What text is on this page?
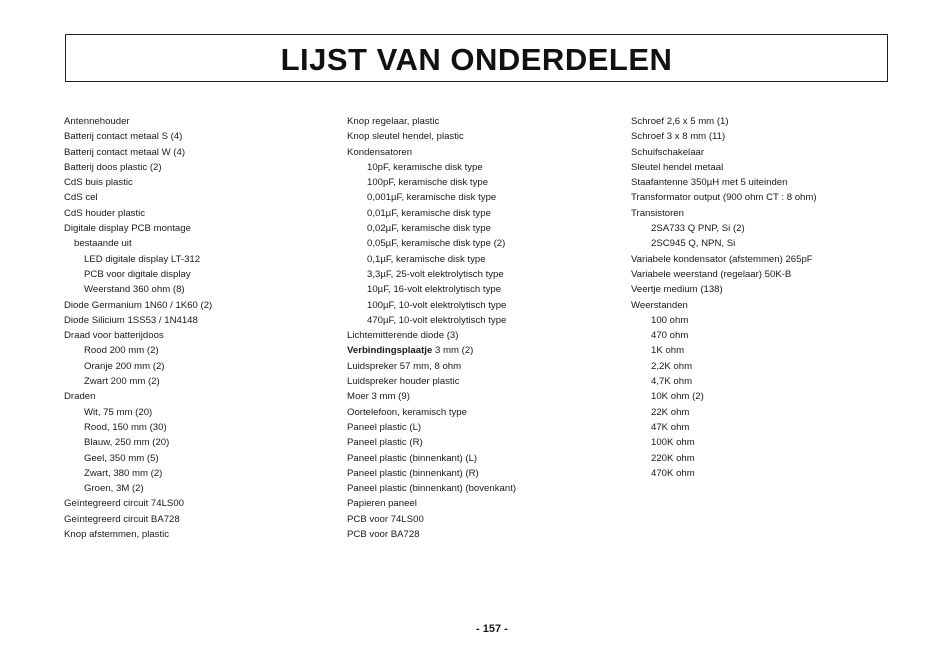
LIJST VAN ONDERDELEN
Antennehouder
Batterij contact metaal S (4)
Batterij contact metaal W (4)
Batterij doos plastic (2)
CdS buis plastic
CdS cel
CdS houder plastic
Digitale display PCB montage
bestaande uit
LED digitale display LT-312
PCB voor digitale display
Weerstand 360 ohm (8)
Diode Germanium 1N60 / 1K60 (2)
Diode Silicium 1SS53 / 1N4148
Draad voor batterijdoos
Rood 200 mm (2)
Oranje 200 mm (2)
Zwart 200 mm (2)
Draden
Wit, 75 mm (20)
Rood, 150 mm (30)
Blauw, 250 mm (20)
Geel, 350 mm (5)
Zwart, 380 mm (2)
Groen, 3M (2)
Geïntegreerd circuit 74LS00
Geïntegreerd circuit BA728
Knop afstemmen, plastic
Knop regelaar, plastic
Knop sleutel hendel, plastic
Kondensatoren
10pF, keramische disk type
100pF, keramische disk type
0,001µF, keramische disk type
0,01µF, keramische disk type
0,02µF, keramische disk type
0,05µF, keramische disk type (2)
0,1µF, keramische disk type
3,3µF, 25-volt elektrolytisch type
10µF, 16-volt elektrolytisch type
100µF, 10-volt elektrolytisch type
470µF, 10-volt elektrolytisch type
Lichtemitterende diode (3)
Verbindingsplaatje 3 mm (2)
Luidspreker 57 mm, 8 ohm
Luidspreker houder plastic
Moer 3 mm (9)
Oortelefoon, keramisch type
Paneel plastic (L)
Paneel plastic (R)
Paneel plastic (binnenkant) (L)
Paneel plastic (binnenkant) (R)
Paneel plastic (binnenkant) (bovenkant)
Papieren paneel
PCB voor 74LS00
PCB voor BA728
Schroef 2,6 x 5 mm (1)
Schroef 3 x 8 mm (11)
Schuifschakelaar
Sleutel hendel metaal
Staafantenne 350µH met 5 uiteinden
Transformator output (900 ohm CT : 8 ohm)
Transistoren
2SA733 Q PNP, Si (2)
2SC945 Q, NPN, Si
Variabele kondensator (afstemmen) 265pF
Variabele weerstand (regelaar) 50K-B
Veertje medium (138)
Weerstanden
100 ohm
470 ohm
1K ohm
2,2K ohm
4,7K ohm
10K ohm (2)
22K ohm
47K ohm
100K ohm
220K ohm
470K ohm
- 157 -
